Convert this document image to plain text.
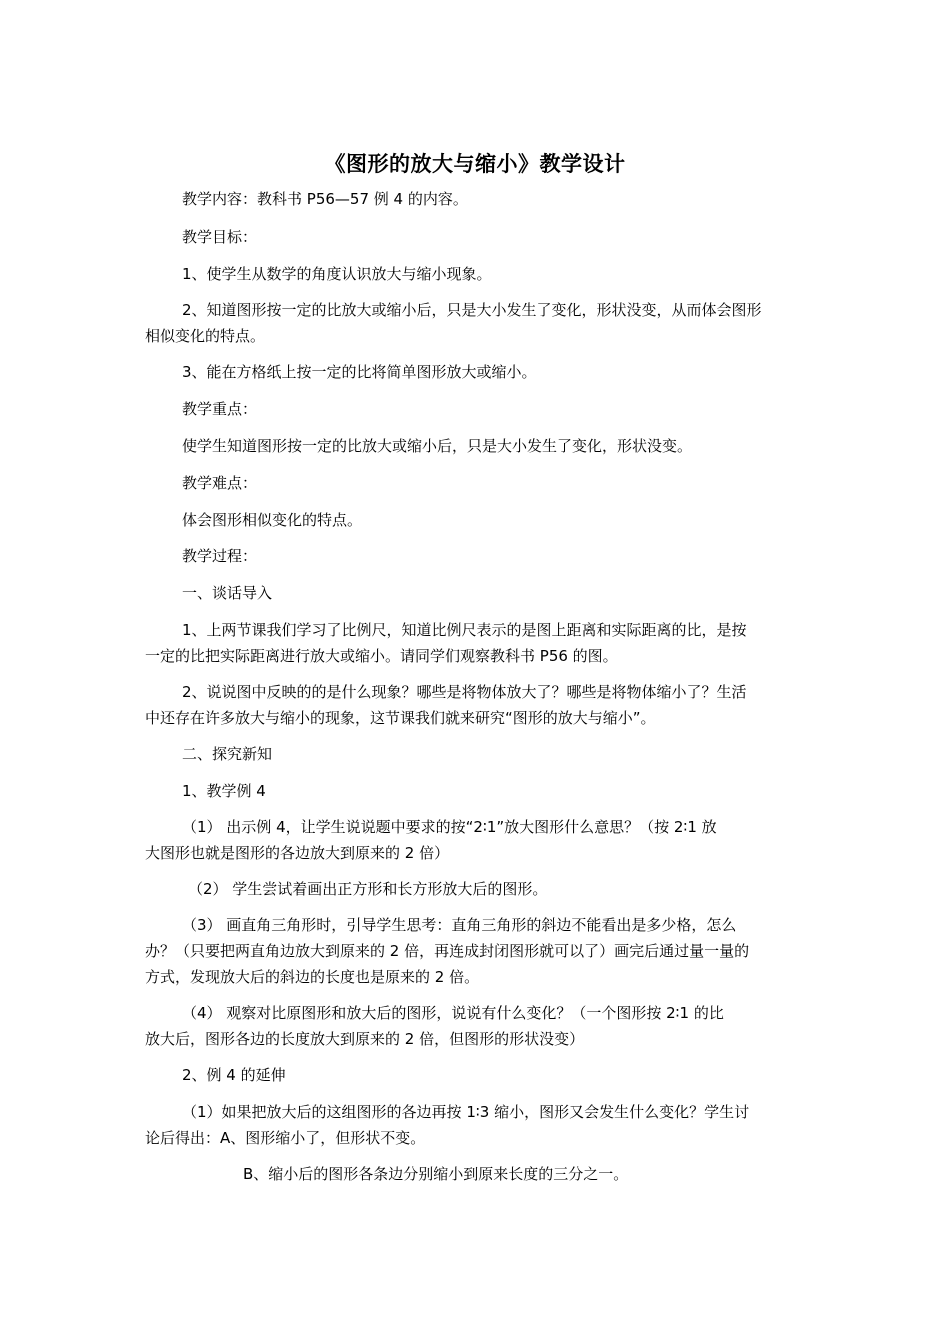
《图形的放大与缩小》教学设计
教学内容：教科书 P56—57 例 4 的内容。
教学目标：
1、使学生从数学的角度认识放大与缩小现象。
2、知道图形按一定的比放大或缩小后，只是大小发生了变化，形状没变，从而体会图形
相似变化的特点。
3、能在方格纸上按一定的比将简单图形放大或缩小。
教学重点：
使学生知道图形按一定的比放大或缩小后，只是大小发生了变化，形状没变。
教学难点：
体会图形相似变化的特点。
教学过程：
一、谈话导入
1、上两节课我们学习了比例尺，知道比例尺表示的是图上距离和实际距离的比，是按
一定的比把实际距离进行放大或缩小。请同学们观察教科书 P56 的图。
2、说说图中反映的的是什么现象？哪些是将物体放大了？哪些是将物体缩小了？生活
中还存在许多放大与缩小的现象，这节课我们就来研究“图形的放大与缩小”。
二、探究新知
1、教学例 4
（1） 出示例 4，让学生说说题中要求的按“2∶1”放大图形什么意思？（按 2∶1 放
大图形也就是图形的各边放大到原来的 2 倍）
（2） 学生尝试着画出正方形和长方形放大后的图形。
（3） 画直角三角形时，引导学生思考：直角三角形的斜边不能看出是多少格，怎么
办？（只要把两直角边放大到原来的 2 倍，再连成封闭图形就可以了）画完后通过量一量的
方式，发现放大后的斜边的长度也是原来的 2 倍。
（4） 观察对比原图形和放大后的图形，说说有什么变化？（一个图形按 2∶1 的比
放大后，图形各边的长度放大到原来的 2 倍，但图形的形状没变）
2、例 4 的延伸
（1）如果把放大后的这组图形的各边再按 1∶3 缩小，图形又会发生什么变化？学生讨
论后得出：A、图形缩小了，但形状不变。
B、缩小后的图形各条边分别缩小到原来长度的三分之一。
